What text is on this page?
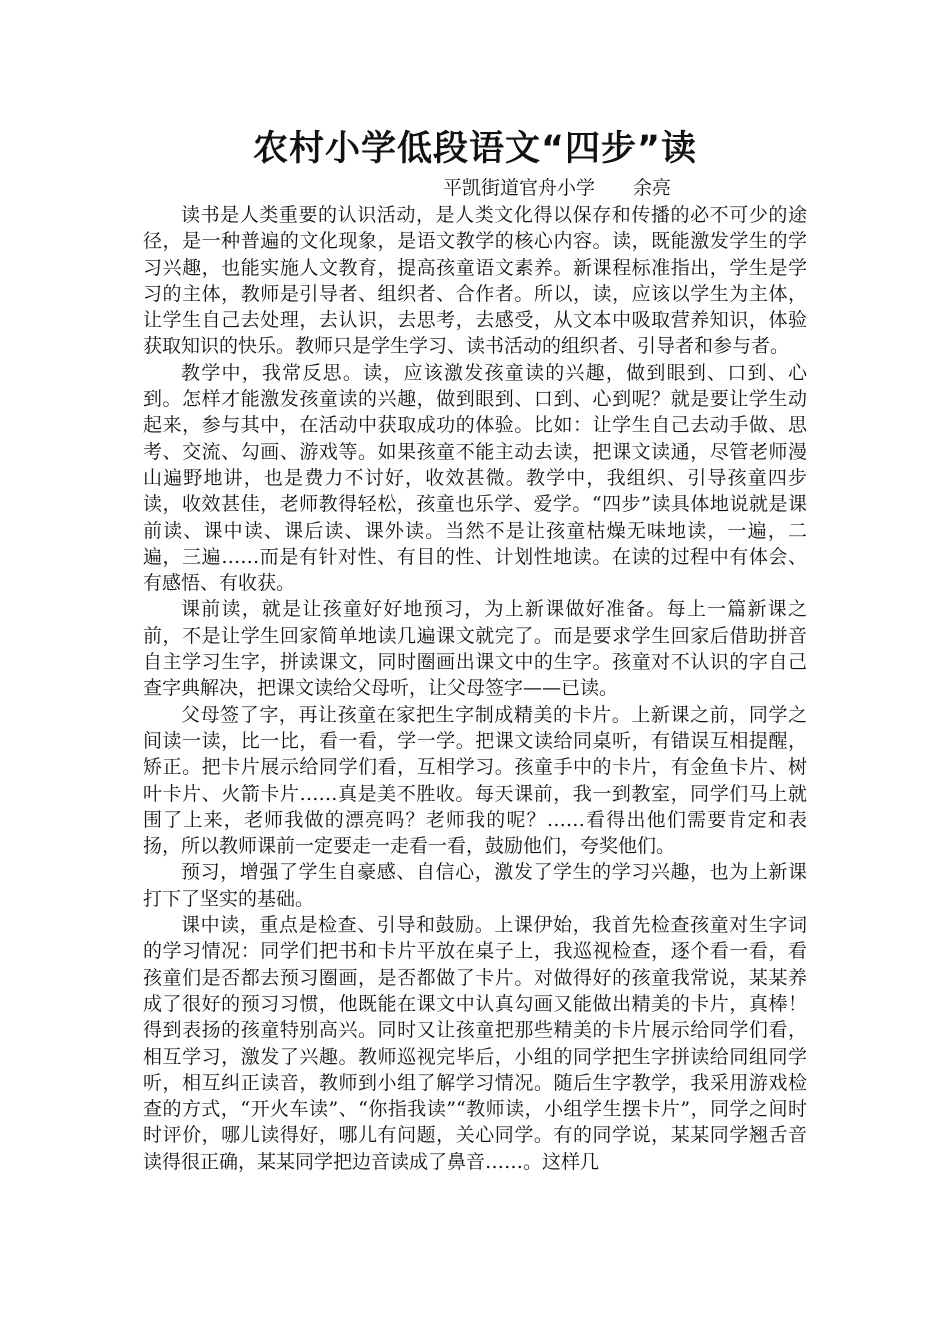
农村小学低段语文“四步”读
平凯街道官舟小学　　余亮

读书是人类重要的认识活动，是人类文化得以保存和传播的必不可少的途径，是一种普遍的文化现象，是语文教学的核心内容。读，既能激发学生的学习兴趣，也能实施人文教育，提高孩童语文素养。新课程标准指出，学生是学习的主体，教师是引导者、组织者、合作者。所以，读，应该以学生为主体，让学生自己去处理，去认识，去思考，去感受，从文本中吸取营养知识，体验获取知识的快乐。教师只是学生学习、读书活动的组织者、引导者和参与者。

教学中，我常反思。读，应该激发孩童读的兴趣，做到眼到、口到、心到。怎样才能激发孩童读的兴趣，做到眼到、口到、心到呢？就是要让学生动起来，参与其中，在活动中获取成功的体验。比如：让学生自己去动手做、思考、交流、勾画、游戏等。如果孩童不能主动去读，把课文读通，尽管老师漫山遍野地讲，也是费力不讨好，收效甚微。教学中，我组织、引导孩童四步读，收效甚佳，老师教得轻松，孩童也乐学、爱学。“四步”读具体地说就是课前读、课中读、课后读、课外读。当然不是让孩童枯燥无味地读，一遍，二遍，三遍……而是有针对性、有目的性、计划性地读。在读的过程中有体会、有感悟、有收获。

课前读，就是让孩童好好地预习，为上新课做好准备。每上一篇新课之前，不是让学生回家简单地读几遍课文就完了。而是要求学生回家后借助拼音自主学习生字，拼读课文，同时圈画出课文中的生字。孩童对不认识的字自己查字典解决，把课文读给父母听，让父母签字——已读。

父母签了字，再让孩童在家把生字制成精美的卡片。上新课之前，同学之间读一读，比一比，看一看，学一学。把课文读给同桌听，有错误互相提醒，矫正。把卡片展示给同学们看，互相学习。孩童手中的卡片，有金鱼卡片、树叶卡片、火箭卡片……真是美不胜收。每天课前，我一到教室，同学们马上就围了上来，老师我做的漂亮吗？老师我的呢？……看得出他们需要肯定和表扬，所以教师课前一定要走一走看一看，鼓励他们，夸奖他们。

预习，增强了学生自豪感、自信心，激发了学生的学习兴趣，也为上新课打下了坚实的基础。

课中读，重点是检查、引导和鼓励。上课伊始，我首先检查孩童对生字词的学习情况：同学们把书和卡片平放在桌子上，我巡视检查，逐个看一看，看孩童们是否都去预习圈画，是否都做了卡片。对做得好的孩童我常说，某某养成了很好的预习习惯，他既能在课文中认真勾画又能做出精美的卡片，真棒！得到表扬的孩童特别高兴。同时又让孩童把那些精美的卡片展示给同学们看，相互学习，激发了兴趣。教师巡视完毕后，小组的同学把生字拼读给同组同学听，相互纠正读音，教师到小组了解学习情况。随后生字教学，我采用游戏检查的方式，“开火车读”、“你指我读”“教师读，小组学生摆卡片”，同学之间时时评价，哪儿读得好，哪儿有问题，关心同学。有的同学说，某某同学翘舌音读得很正确，某某同学把边音读成了鼻音……。这样几
